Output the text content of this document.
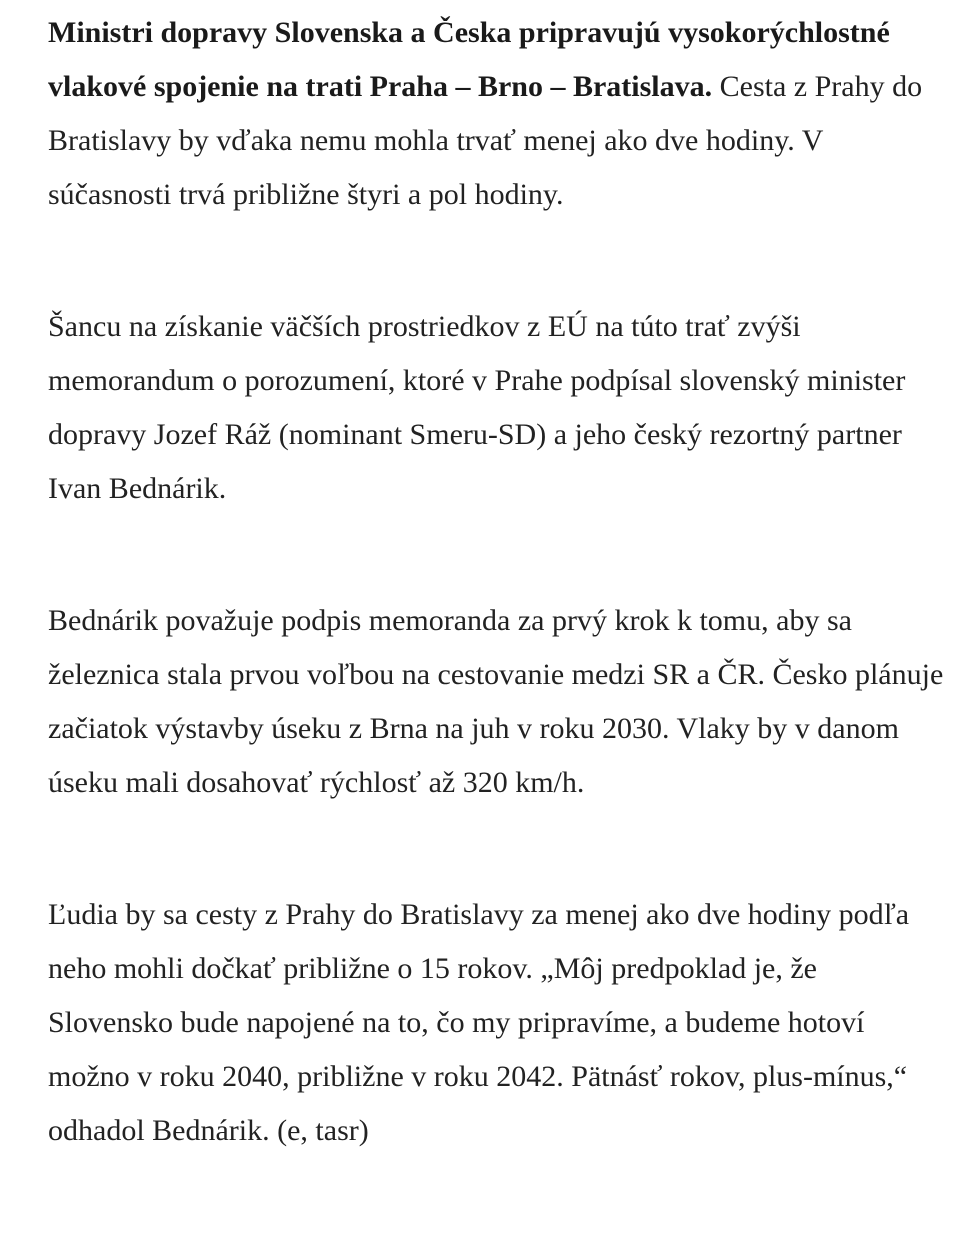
Ministri dopravy Slovenska a Česka pripravujú vysokorýchlostné vlakové spojenie na trati Praha – Brno – Bratislava. Cesta z Prahy do Bratislavy by vďaka nemu mohla trvať menej ako dve hodiny. V súčasnosti trvá približne štyri a pol hodiny.

Šancu na získanie väčších prostriedkov z EÚ na túto trať zvýši memorandum o porozumení, ktoré v Prahe podpísal slovenský minister dopravy Jozef Ráž (nominant Smeru-SD) a jeho český rezortný partner Ivan Bednárik.

Bednárik považuje podpis memoranda za prvý krok k tomu, aby sa železnica stala prvou voľbou na cestovanie medzi SR a ČR. Česko plánuje začiatok výstavby úseku z Brna na juh v roku 2030. Vlaky by v danom úseku mali dosahovať rýchlosť až 320 km/h.

Ľudia by sa cesty z Prahy do Bratislavy za menej ako dve hodiny podľa neho mohli dočkať približne o 15 rokov. „Môj predpoklad je, že Slovensko bude napojené na to, čo my pripravíme, a budeme hotoví možno v roku 2040, približne v roku 2042. Pätnásť rokov, plus-mínus,“ odhadol Bednárik. (e, tasr)
